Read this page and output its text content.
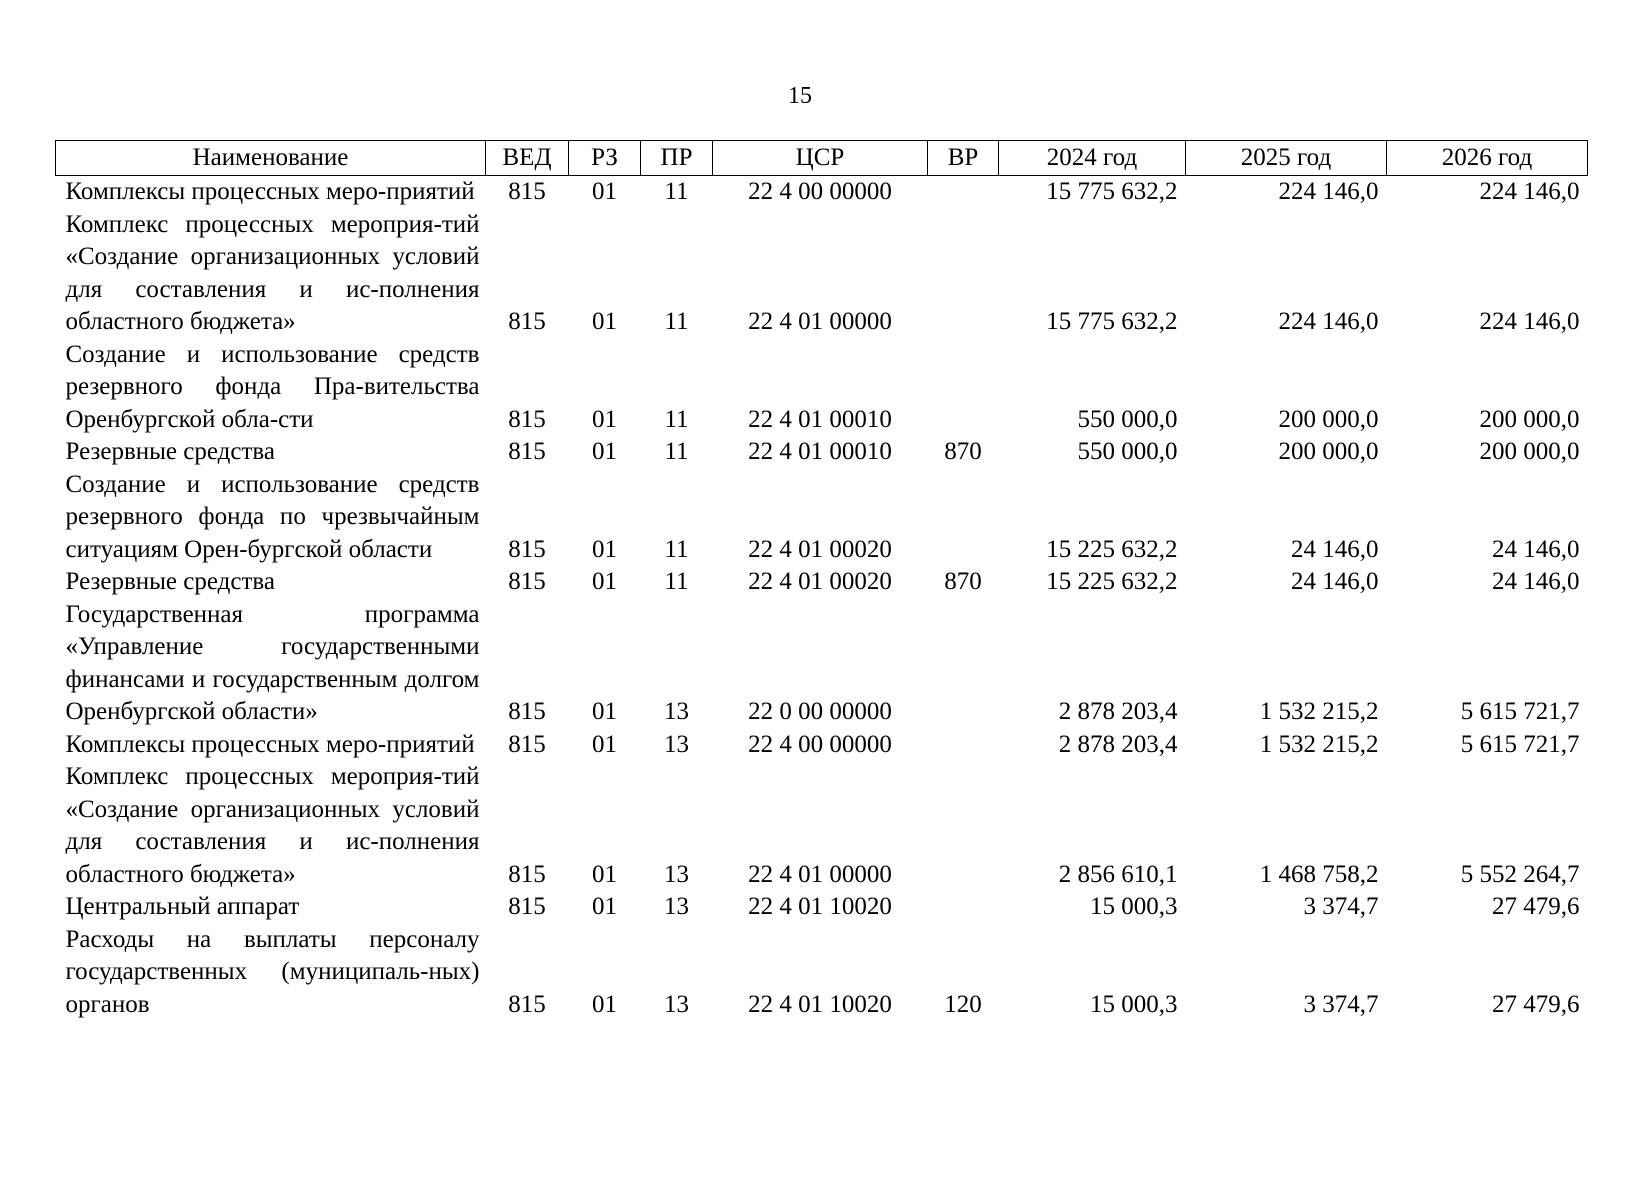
15
Наименование	ВЕД	РЗ	ПР	ЦСР	ВР	2024 год	2025 год	2026 год
Комплексы процессных меро-приятий	815	01	11	22 4 00 00000		15 775 632,2	224 146,0	224 146,0
Комплекс процессных мероприя-тий «Создание организационных условий для составления и ис-полнения областного бюджета»	815	01	11	22 4 01 00000		15 775 632,2	224 146,0	224 146,0
Создание и использование средств резервного фонда Пра-вительства Оренбургской обла-сти	815	01	11	22 4 01 00010		550 000,0	200 000,0	200 000,0
Резервные средства	815	01	11	22 4 01 00010	870	550 000,0	200 000,0	200 000,0
Создание и использование средств резервного фонда по чрезвычайным ситуациям Орен-бургской области	815	01	11	22 4 01 00020		15 225 632,2	24 146,0	24 146,0
Резервные средства	815	01	11	22 4 01 00020	870	15 225 632,2	24 146,0	24 146,0
Государственная программа «Управление государственными финансами и государственным долгом Оренбургской области»	815	01	13	22 0 00 00000		2 878 203,4	1 532 215,2	5 615 721,7
Комплексы процессных меро-приятий	815	01	13	22 4 00 00000		2 878 203,4	1 532 215,2	5 615 721,7
Комплекс процессных мероприя-тий «Создание организационных условий для составления и ис-полнения областного бюджета»	815	01	13	22 4 01 00000		2 856 610,1	1 468 758,2	5 552 264,7
Центральный аппарат	815	01	13	22 4 01 10020		15 000,3	3 374,7	27 479,6
Расходы на выплаты персоналу государственных (муниципаль-ных) органов	815	01	13	22 4 01 10020	120	15 000,3	3 374,7	27 479,6
